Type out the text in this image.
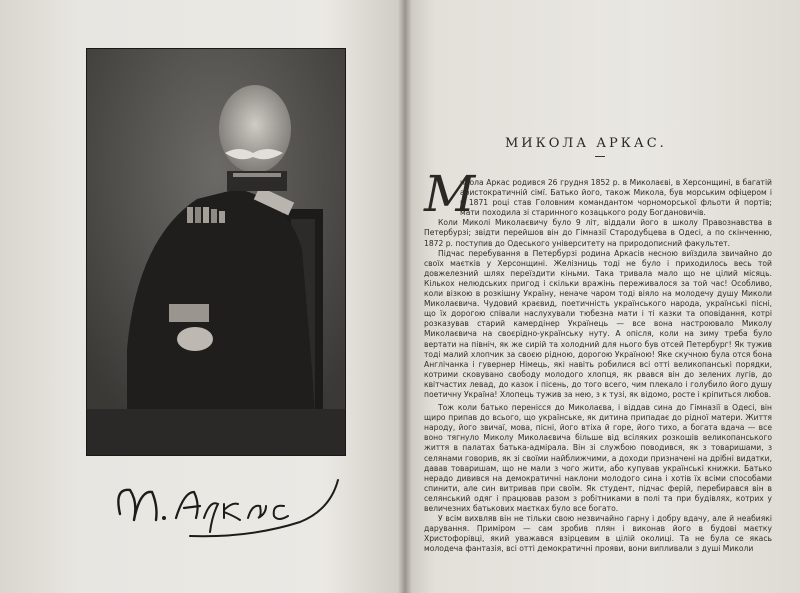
МИКОЛА АРКАС.
М

икола Аркас родився 26 грудня 1852 р. в Миколаєві, в Херсонщині, в багатій аристократичній сімї. Батько його, також Микола, був морським офіцером і в 1871 році став Головним командантом чорноморської фльоти й портів; мати походила зі старинного козацького роду Богдановичів.

Коли Миколі Миколаєвичу було 9 літ, віддали його в школу Правознавства в Петербурзі; звідти перейшов він до Гімназії Стародубцева в Одесі, а по скінченню, 1872 р. поступив до Одеського університету на природописний факультет.

Підчас перебування в Петербурзі родина Аркасів несною виїздила звичайно до своїх маєтків у Херсонщині. Желізниць тоді не було і приходилось весь той довжелезний шлях переїздити кіньми. Така тривала мало що не цілий місяць. Кількох нелюдських пригод і скільки вражінь переживалося за той час! Особливо, коли візкою в розкішну Україну, неначе чаром тоді віяло на молодечу душу Миколи Миколаєвича. Чудовий краєвид, поетичність українського народа, українські пісні, що їх дорогою співали наслухували тюбезна мати і ті казки та оповідання, котрі розказував старий камердінер Українець — все вона настроювало Миколу Миколаєвича на своєрідно-українську нуту. А опісля, коли на зиму треба було вертати на північ, як же сирій та холодний для нього був отсей Петербург! Як тужив тоді малий хлопчик за своєю рідною, дорогою Україною! Яке скучною була отся бона Англічанка і гувернер Німець, які навіть робилися всі отті великопанські порядки, котрими сковувано свободу молодого хлопця, як рвався він до зелених лугів, до квітчастих левад, до казок і пісень, до того всего, чим плекало і голубило його душу поетичну Україна! Хлопець тужив за нею, з к тузі, як відомо, росте і кріпиться любов.

Тож коли батько перенісся до Миколаєва, і віддав сина до Гімназії в Одесі, він щиро припав до всього, що українське, як дитина припадає до рідної матери. Життя народу, його звичаї, мова, пісні, його втіха й горе, його тихо, а богата вдача — все воно тягнуло Миколу Миколаєвича більше від всіляких розкошів великопанського життя в палатах батька-адмірала. Він зі службою поводився, як з товаришами, з селянами говорив, як зі своїми найближчими, а доходи призначені на дрібні видатки, давав товаришам, що не мали з чого жити, або купував українські книжки. Батько нерадо дивився на демократичні наклони молодого сина і хотів їх всіми способами спинити, але син витривав при своїм. Як студент, підчас ферій, перебирався він в селянський одяг і працював разом з робітниками в полі та при будівлях, котрих у величезних батькових маєтках було все богато.

У всім вихвляв він не тільки свою незвичайно гарну і добру вдачу, але й неабиякі дарування. Приміром — сам зробив плян і виконав його в будові маєтку Христофорівці, який уважався взірцевим в цілій околиці. Та не була се якась молодеча фантазія, всі отті демократичні прояви, вони випливали з душі Миколи
